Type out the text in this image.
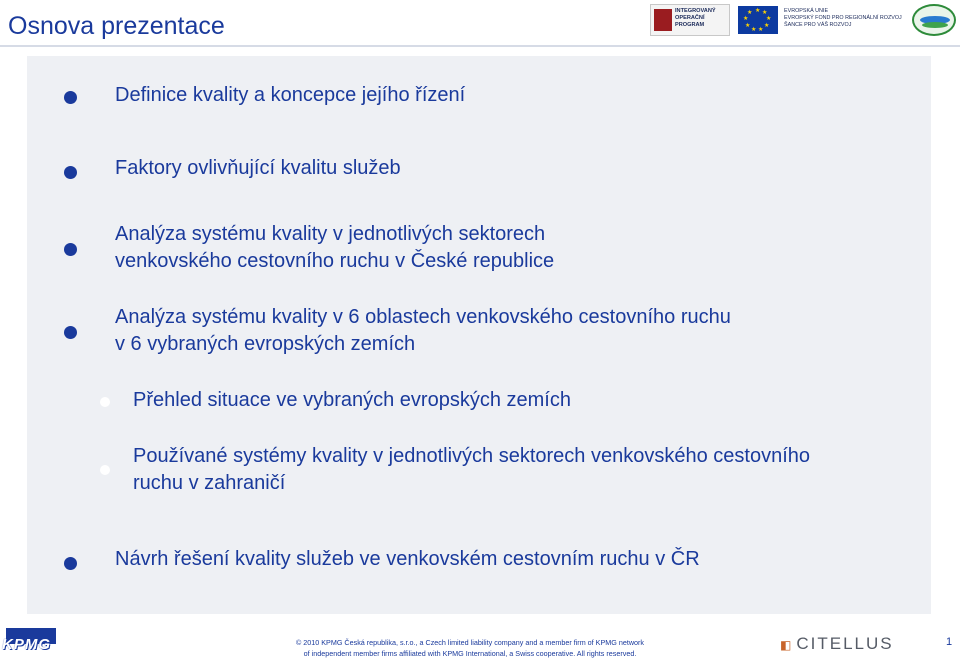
Osnova prezentace
INTEGROVANÝ
OPERAČNÍ
PROGRAM
★ ★
★
★
★
★
★
★
★	EVROPSKÁ UNIE
EVROPSKÝ FOND PRO REGIONÁLNÍ ROZVOJ
ŠANCE PRO VÁŠ ROZVOJ
Definice kvality a koncepce jejího řízení
Faktory ovlivňující kvalitu služeb
Analýza systému kvality v jednotlivých sektorech
venkovského cestovního ruchu v České republice
Analýza systému kvality v 6 oblastech venkovského cestovního ruchu
v 6 vybraných evropských zemích
Přehled situace ve vybraných evropských zemích
Používané systémy kvality v jednotlivých sektorech venkovského cestovního
ruchu v zahraničí
Návrh řešení kvality služeb ve venkovském cestovním ruchu v ČR
KPMG	© 2010 KPMG Česká republika, s.r.o., a Czech limited liability company and a member firm of KPMG network
of independent member firms affiliated with KPMG International, a Swiss cooperative. All rights reserved.
◧ CITELLUS	1
